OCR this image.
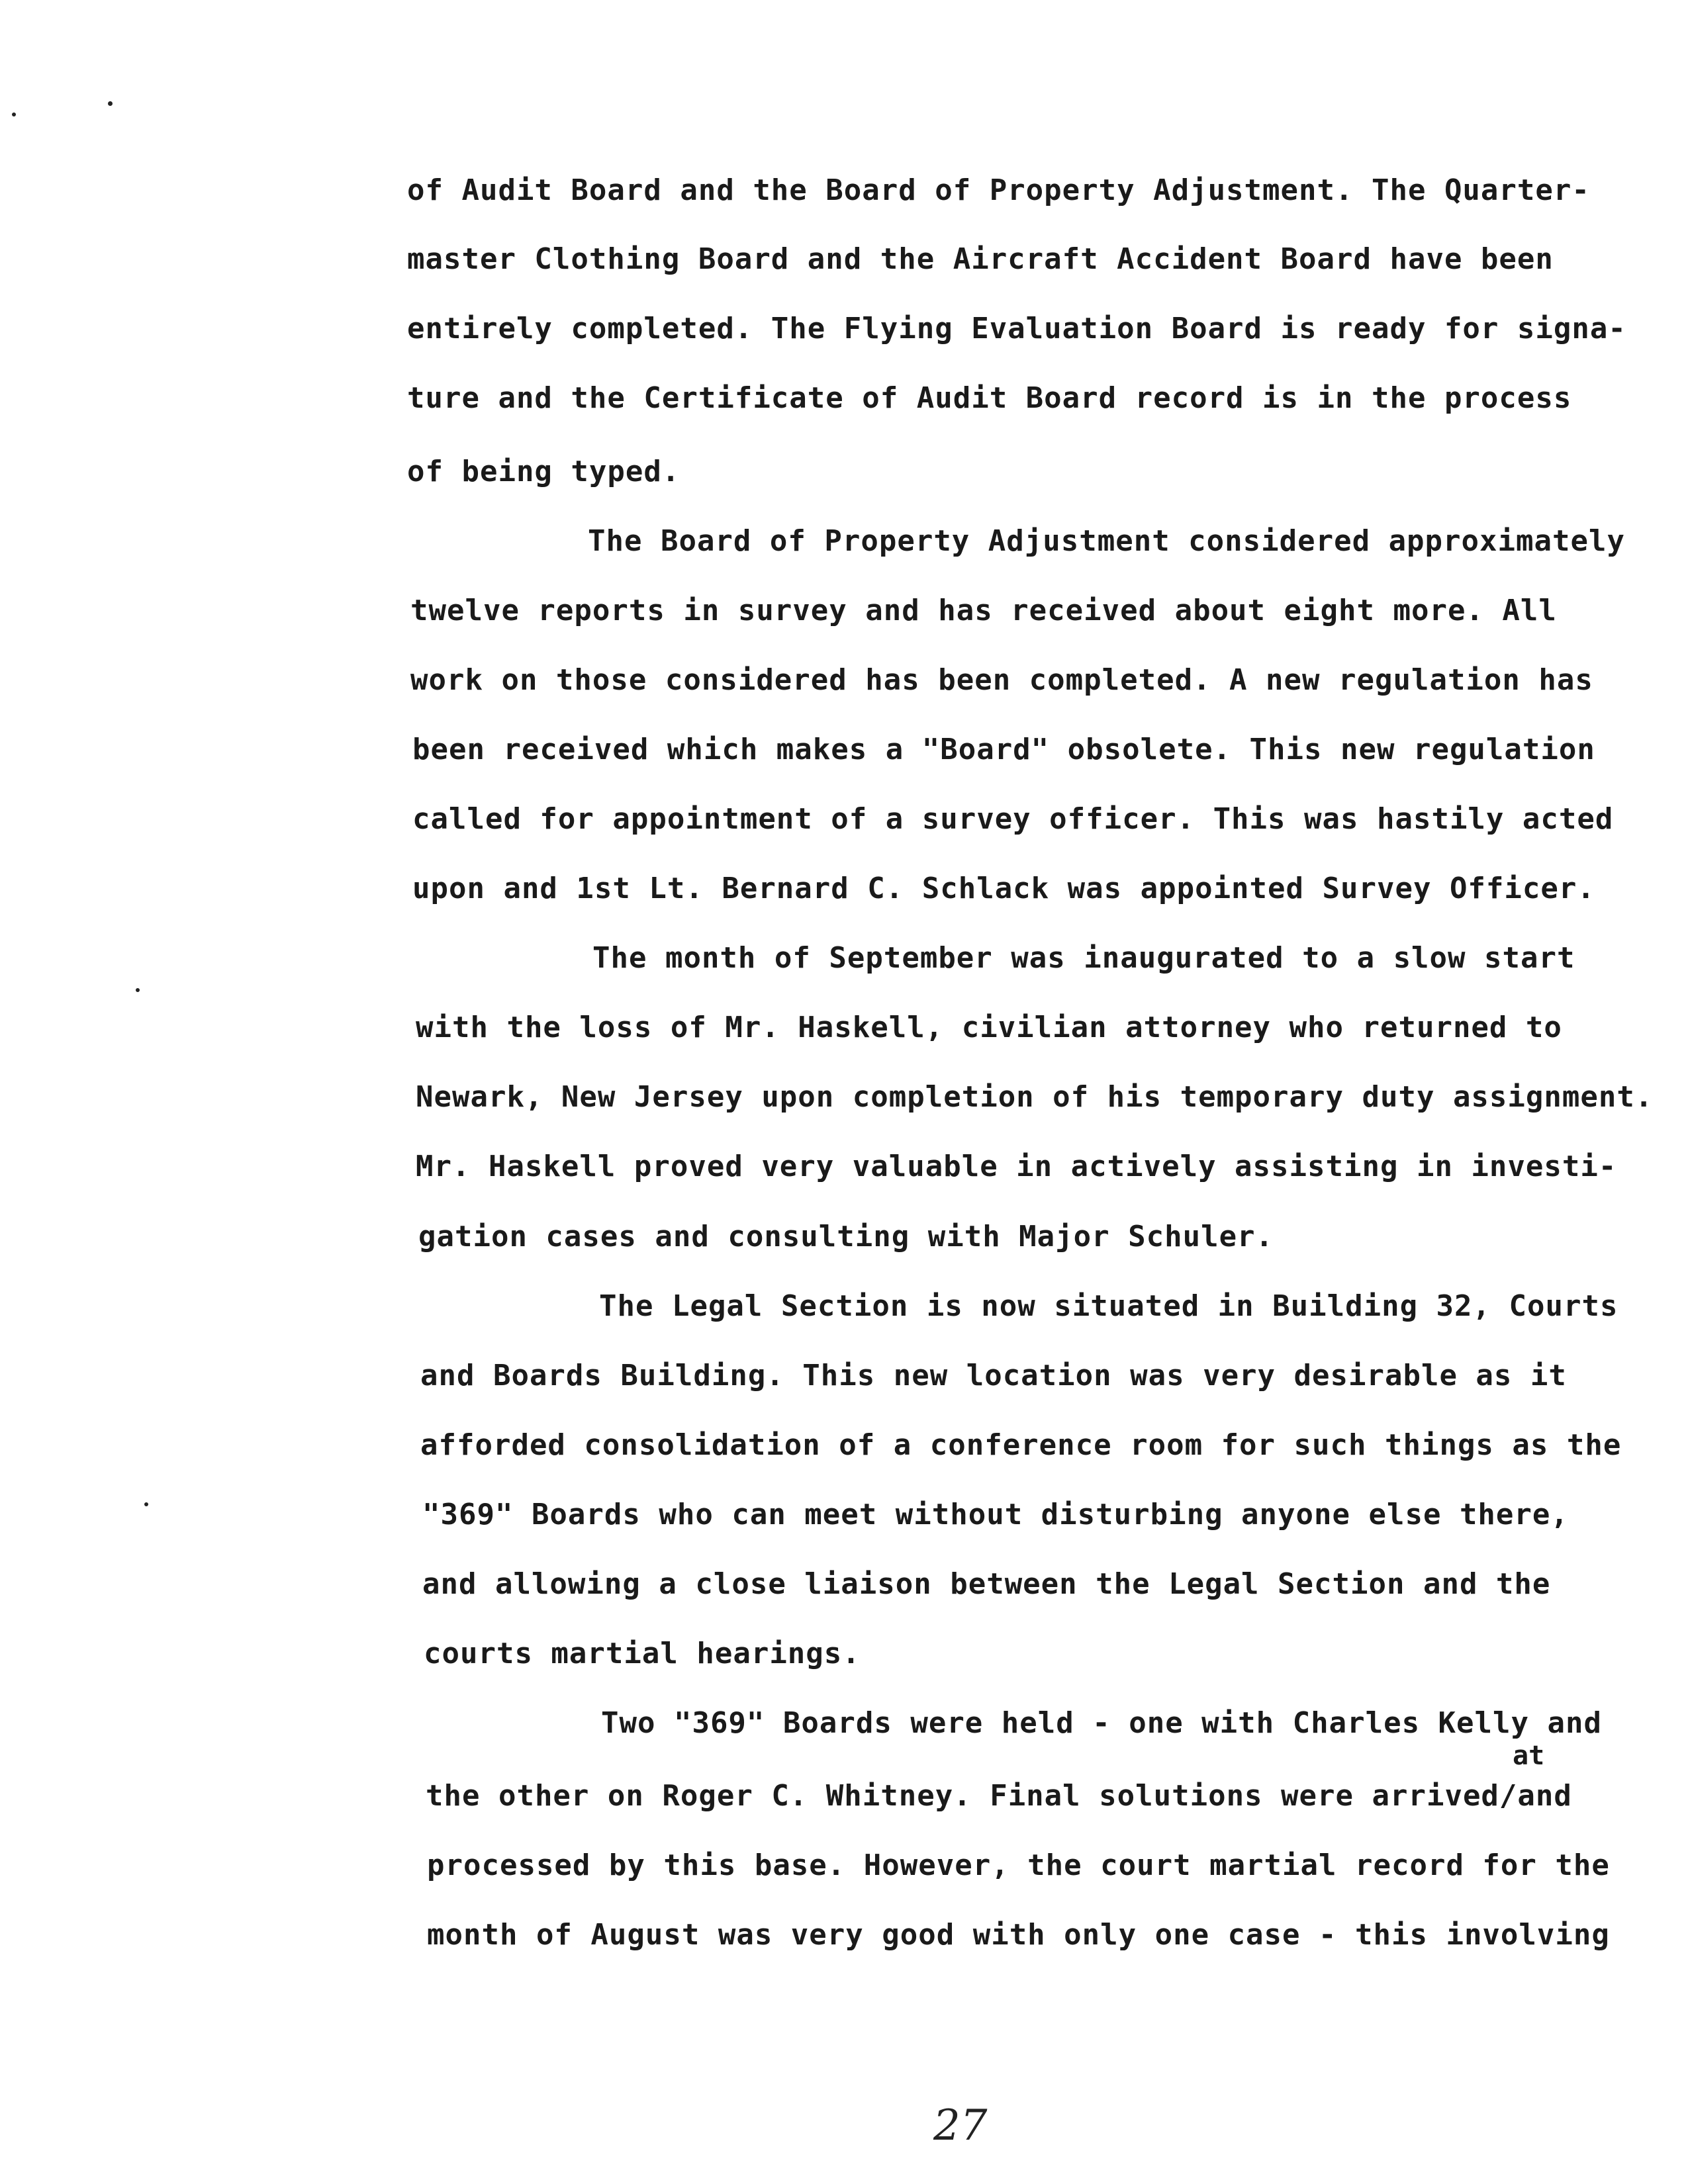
of Audit Board and the Board of Property Adjustment. The Quarter-
master Clothing Board and the Aircraft Accident Board have been
entirely completed. The Flying Evaluation Board is ready for signa-
ture and the Certificate of Audit Board record is in the process
of being typed.
The Board of Property Adjustment considered approximately
twelve reports in survey and has received about eight more. All
work on those considered has been completed. A new regulation has
been received which makes a "Board" obsolete. This new regulation
called for appointment of a survey officer. This was hastily acted
upon and 1st Lt. Bernard C. Schlack was appointed Survey Officer.
The month of September was inaugurated to a slow start
with the loss of Mr. Haskell, civilian attorney who returned to
Newark, New Jersey upon completion of his temporary duty assignment.
Mr. Haskell proved very valuable in actively assisting in investi-
gation cases and consulting with Major Schuler.
The Legal Section is now situated in Building 32, Courts
and Boards Building. This new location was very desirable as it
afforded consolidation of a conference room for such things as the
"369" Boards who can meet without disturbing anyone else there,
and allowing a close liaison between the Legal Section and the
courts martial hearings.
Two "369" Boards were held - one with Charles Kelly and
at
the other on Roger C. Whitney. Final solutions were arrived/and
processed by this base. However, the court martial record for the
month of August was very good with only one case - this involving
27
